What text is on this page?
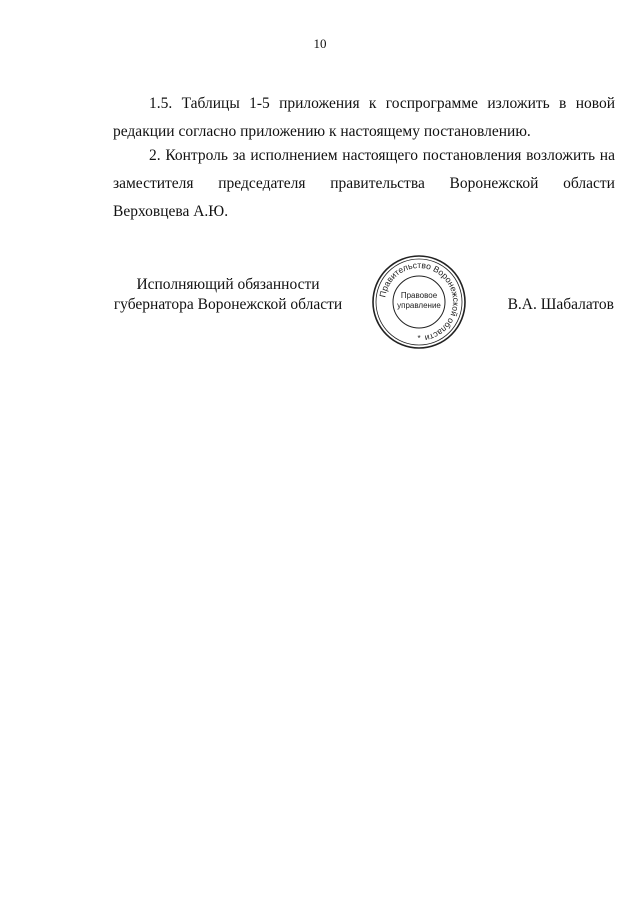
10
1.5. Таблицы 1-5 приложения к госпрограмме изложить в новой
редакции согласно приложению к настоящему постановлению.
2. Контроль за исполнением настоящего постановления возложить на
заместителя председателя правительства Воронежской области
Верховцева А.Ю.
Исполняющий обязанности
губернатора Воронежской области
Правительство Воронежской области
Правовое
управление
*
В.А. Шабалатов
